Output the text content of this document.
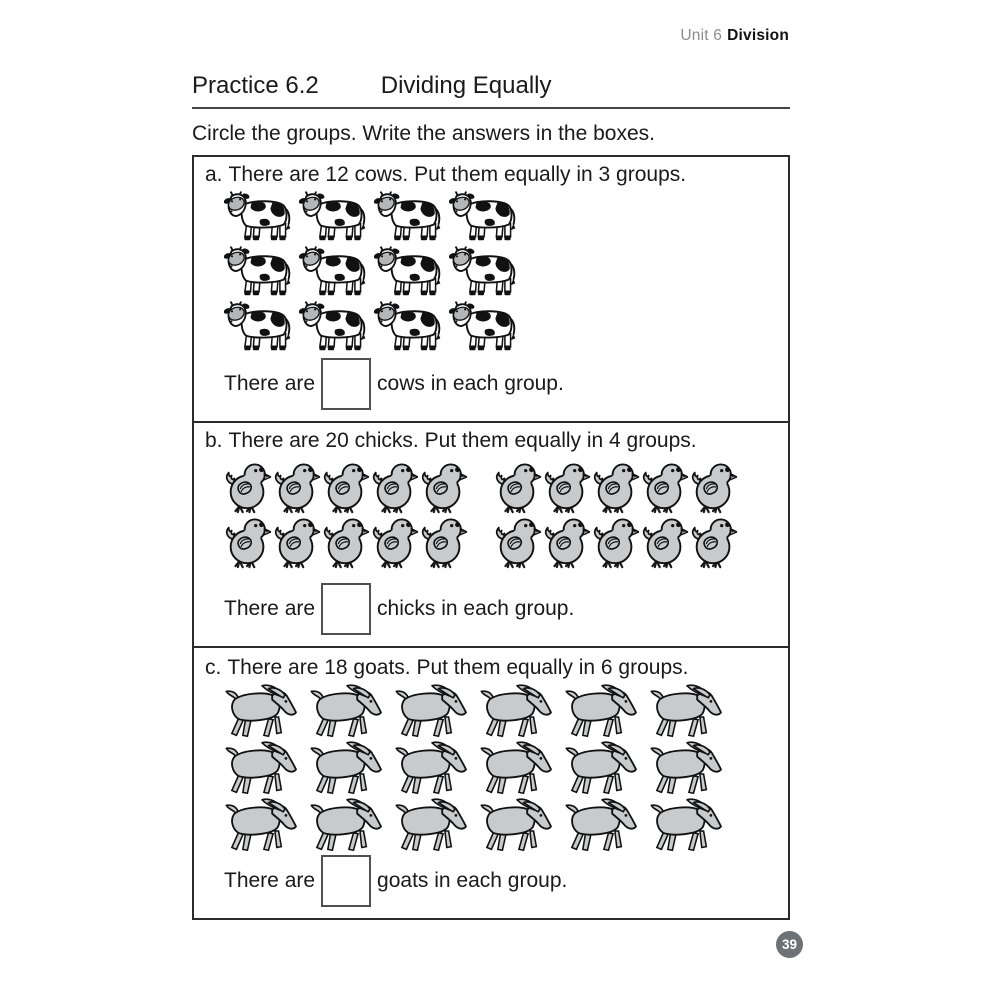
Unit 6 Division
Practice 6.2	Dividing Equally
Circle the groups. Write the answers in the boxes.
a. There are 12 cows. Put them equally in 3 groups.
There are	cows in each group.
b. There are 20 chicks. Put them equally in 4 groups.
There are	chicks in each group.
c. There are 18 goats. Put them equally in 6 groups.
There are	goats in each group.
39
